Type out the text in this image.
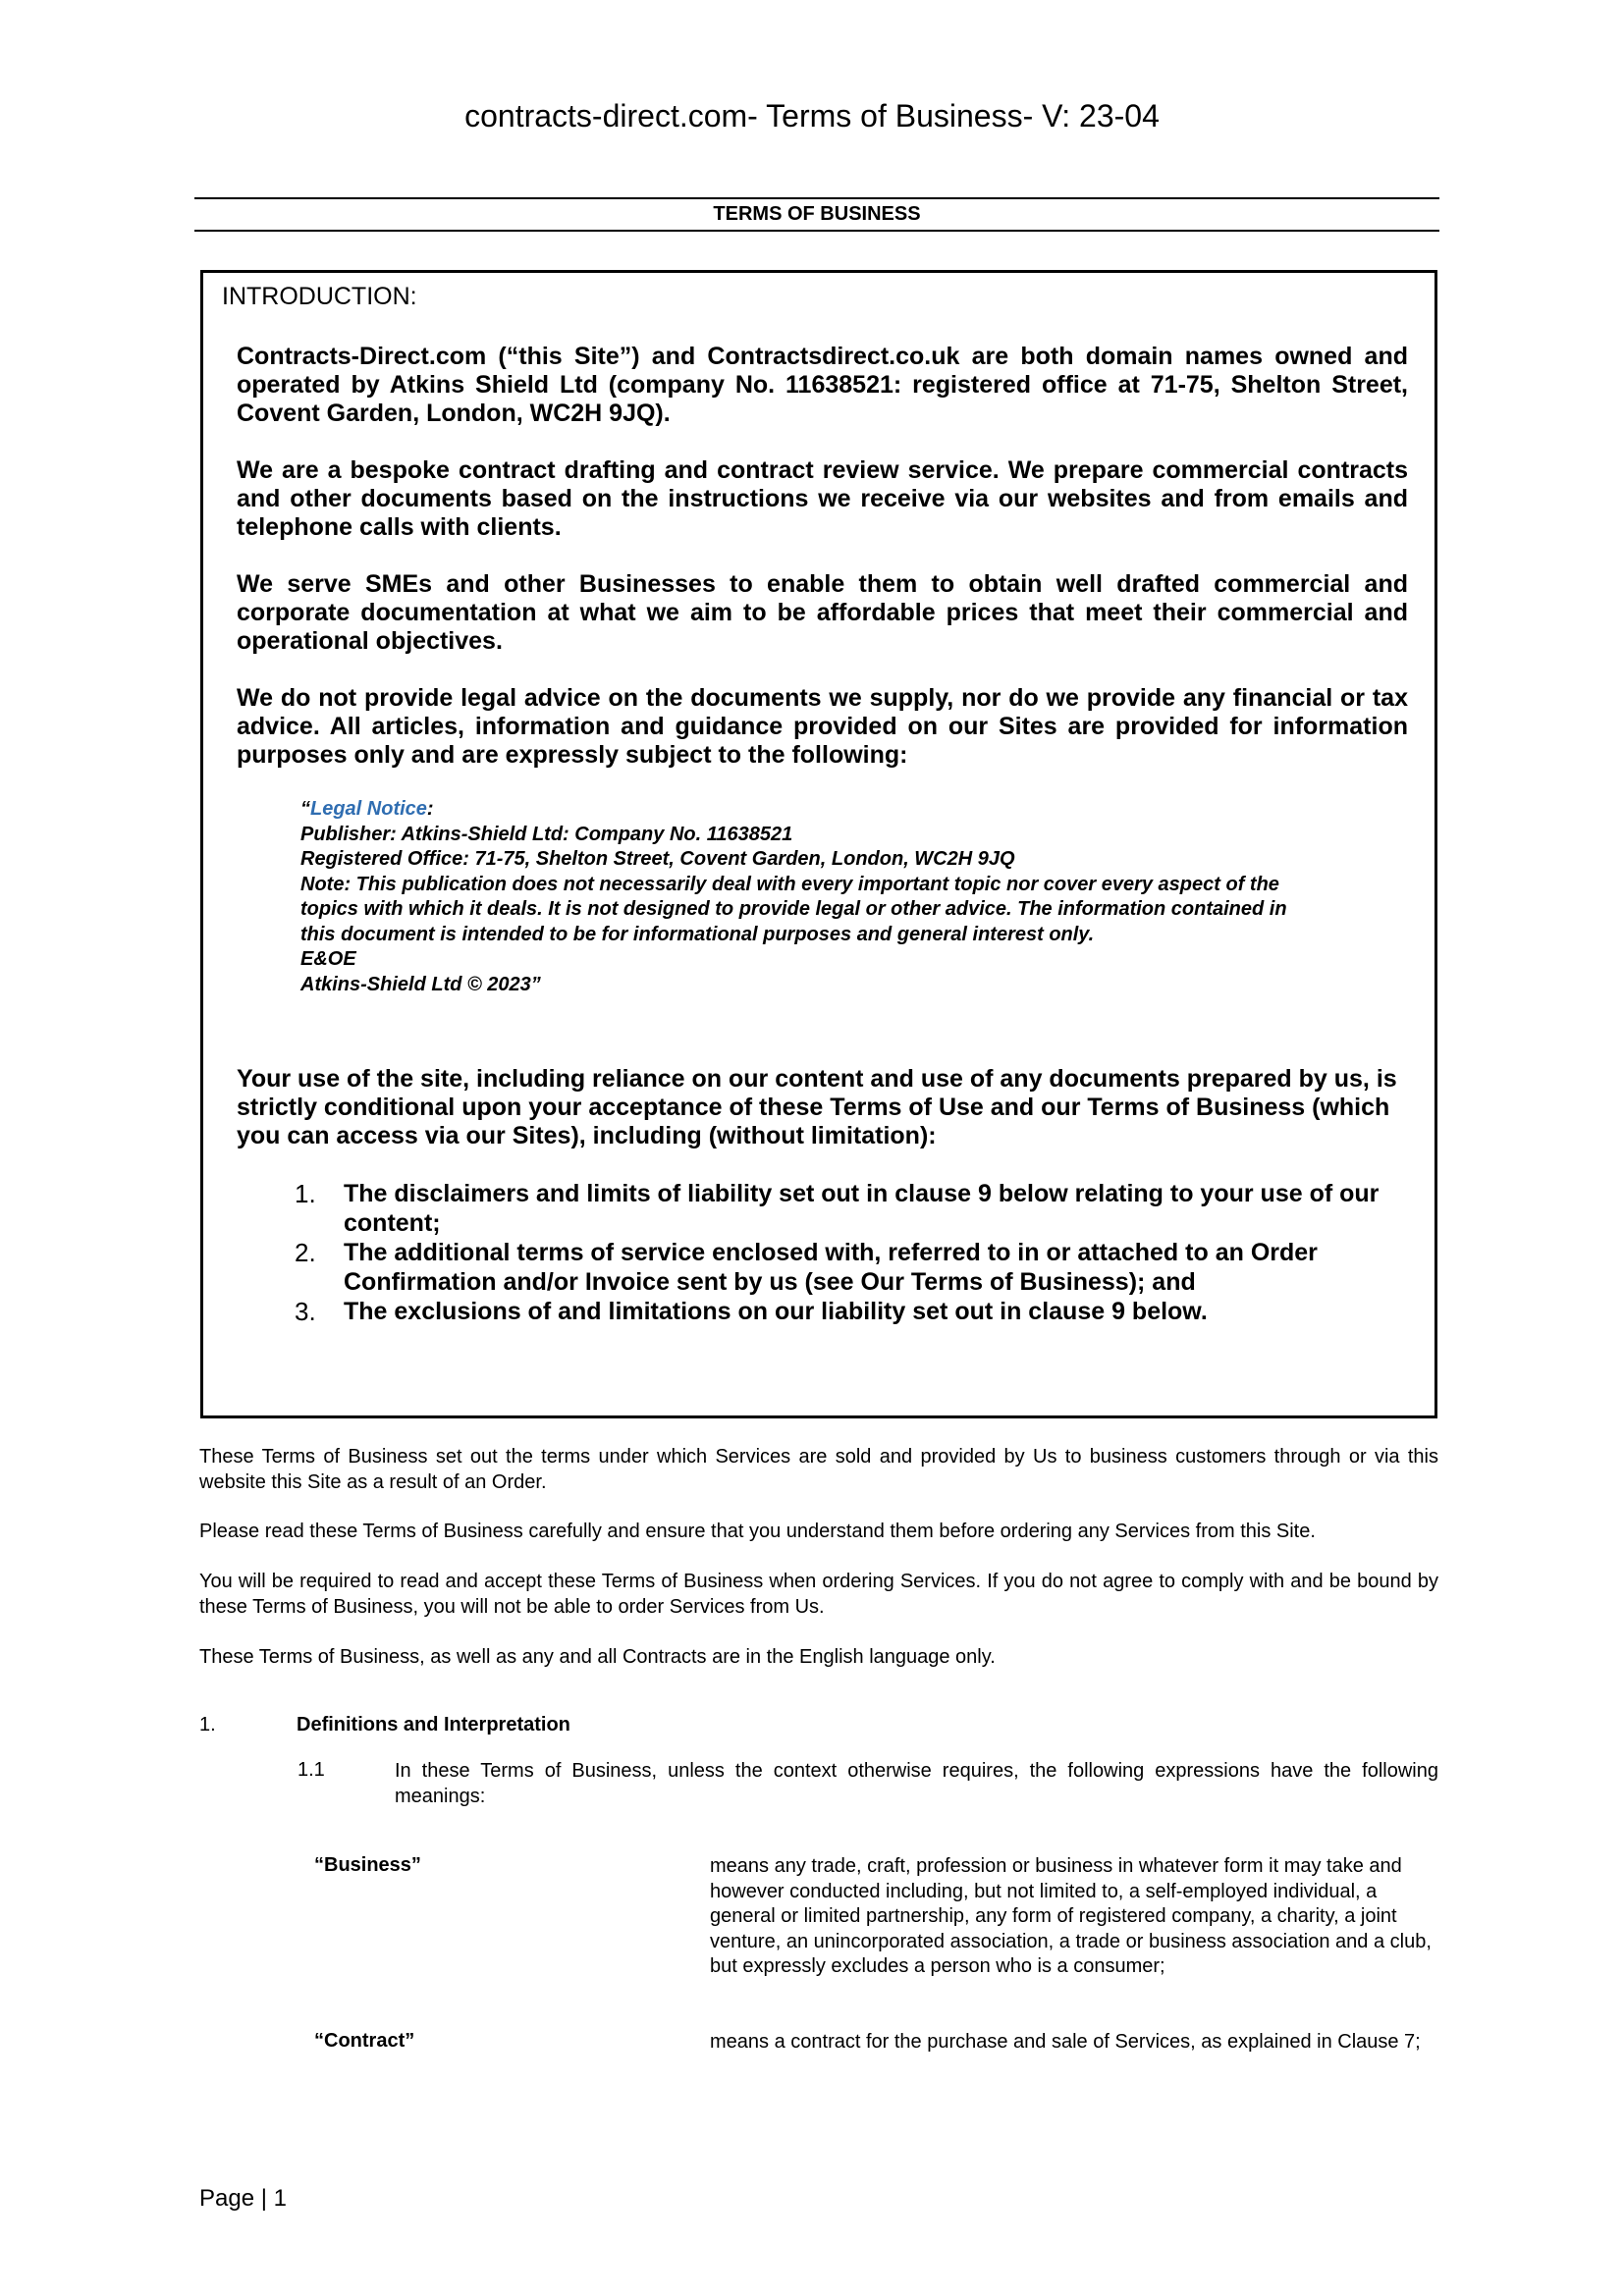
contracts-direct.com- Terms of Business- V: 23-04
TERMS OF BUSINESS
INTRODUCTION:
Contracts-Direct.com (“this Site”) and Contractsdirect.co.uk are both domain names owned and operated by Atkins Shield Ltd (company No. 11638521: registered office at 71-75, Shelton Street, Covent Garden, London, WC2H 9JQ).
We are a bespoke contract drafting and contract review service. We prepare commercial contracts and other documents based on the instructions we receive via our websites and from emails and telephone calls with clients.
We serve SMEs and other Businesses to enable them to obtain well drafted commercial and corporate documentation at what we aim to be affordable prices that meet their commercial and operational objectives.
We do not provide legal advice on the documents we supply, nor do we provide any financial or tax advice. All articles, information and guidance provided on our Sites are provided for information purposes only and are expressly subject to the following:
“Legal Notice:
Publisher: Atkins-Shield Ltd: Company No. 11638521
Registered Office: 71-75, Shelton Street, Covent Garden, London, WC2H 9JQ
Note: This publication does not necessarily deal with every important topic nor cover every aspect of the topics with which it deals. It is not designed to provide legal or other advice. The information contained in this document is intended to be for informational purposes and general interest only.
E&OE
Atkins-Shield Ltd © 2023”
Your use of the site, including reliance on our content and use of any documents prepared by us, is strictly conditional upon your acceptance of these Terms of Use and our Terms of Business (which you can access via our Sites), including (without limitation):
1. The disclaimers and limits of liability set out in clause 9 below relating to your use of our content;
2. The additional terms of service enclosed with, referred to in or attached to an Order Confirmation and/or Invoice sent by us (see Our Terms of Business); and
3. The exclusions of and limitations on our liability set out in clause 9 below.
These Terms of Business set out the terms under which Services are sold and provided by Us to business customers through or via this website this Site as a result of an Order.
Please read these Terms of Business carefully and ensure that you understand them before ordering any Services from this Site.
You will be required to read and accept these Terms of Business when ordering Services. If you do not agree to comply with and be bound by these Terms of Business, you will not be able to order Services from Us.
These Terms of Business, as well as any and all Contracts are in the English language only.
1.	Definitions and Interpretation
1.1	In these Terms of Business, unless the context otherwise requires, the following expressions have the following meanings:
“Business”	means any trade, craft, profession or business in whatever form it may take and however conducted including, but not limited to, a self-employed individual, a general or limited partnership, any form of registered company, a charity, a joint venture, an unincorporated association, a trade or business association and a club, but expressly excludes a person who is a consumer;
“Contract”	means a contract for the purchase and sale of Services, as explained in Clause 7;
Page | 1
